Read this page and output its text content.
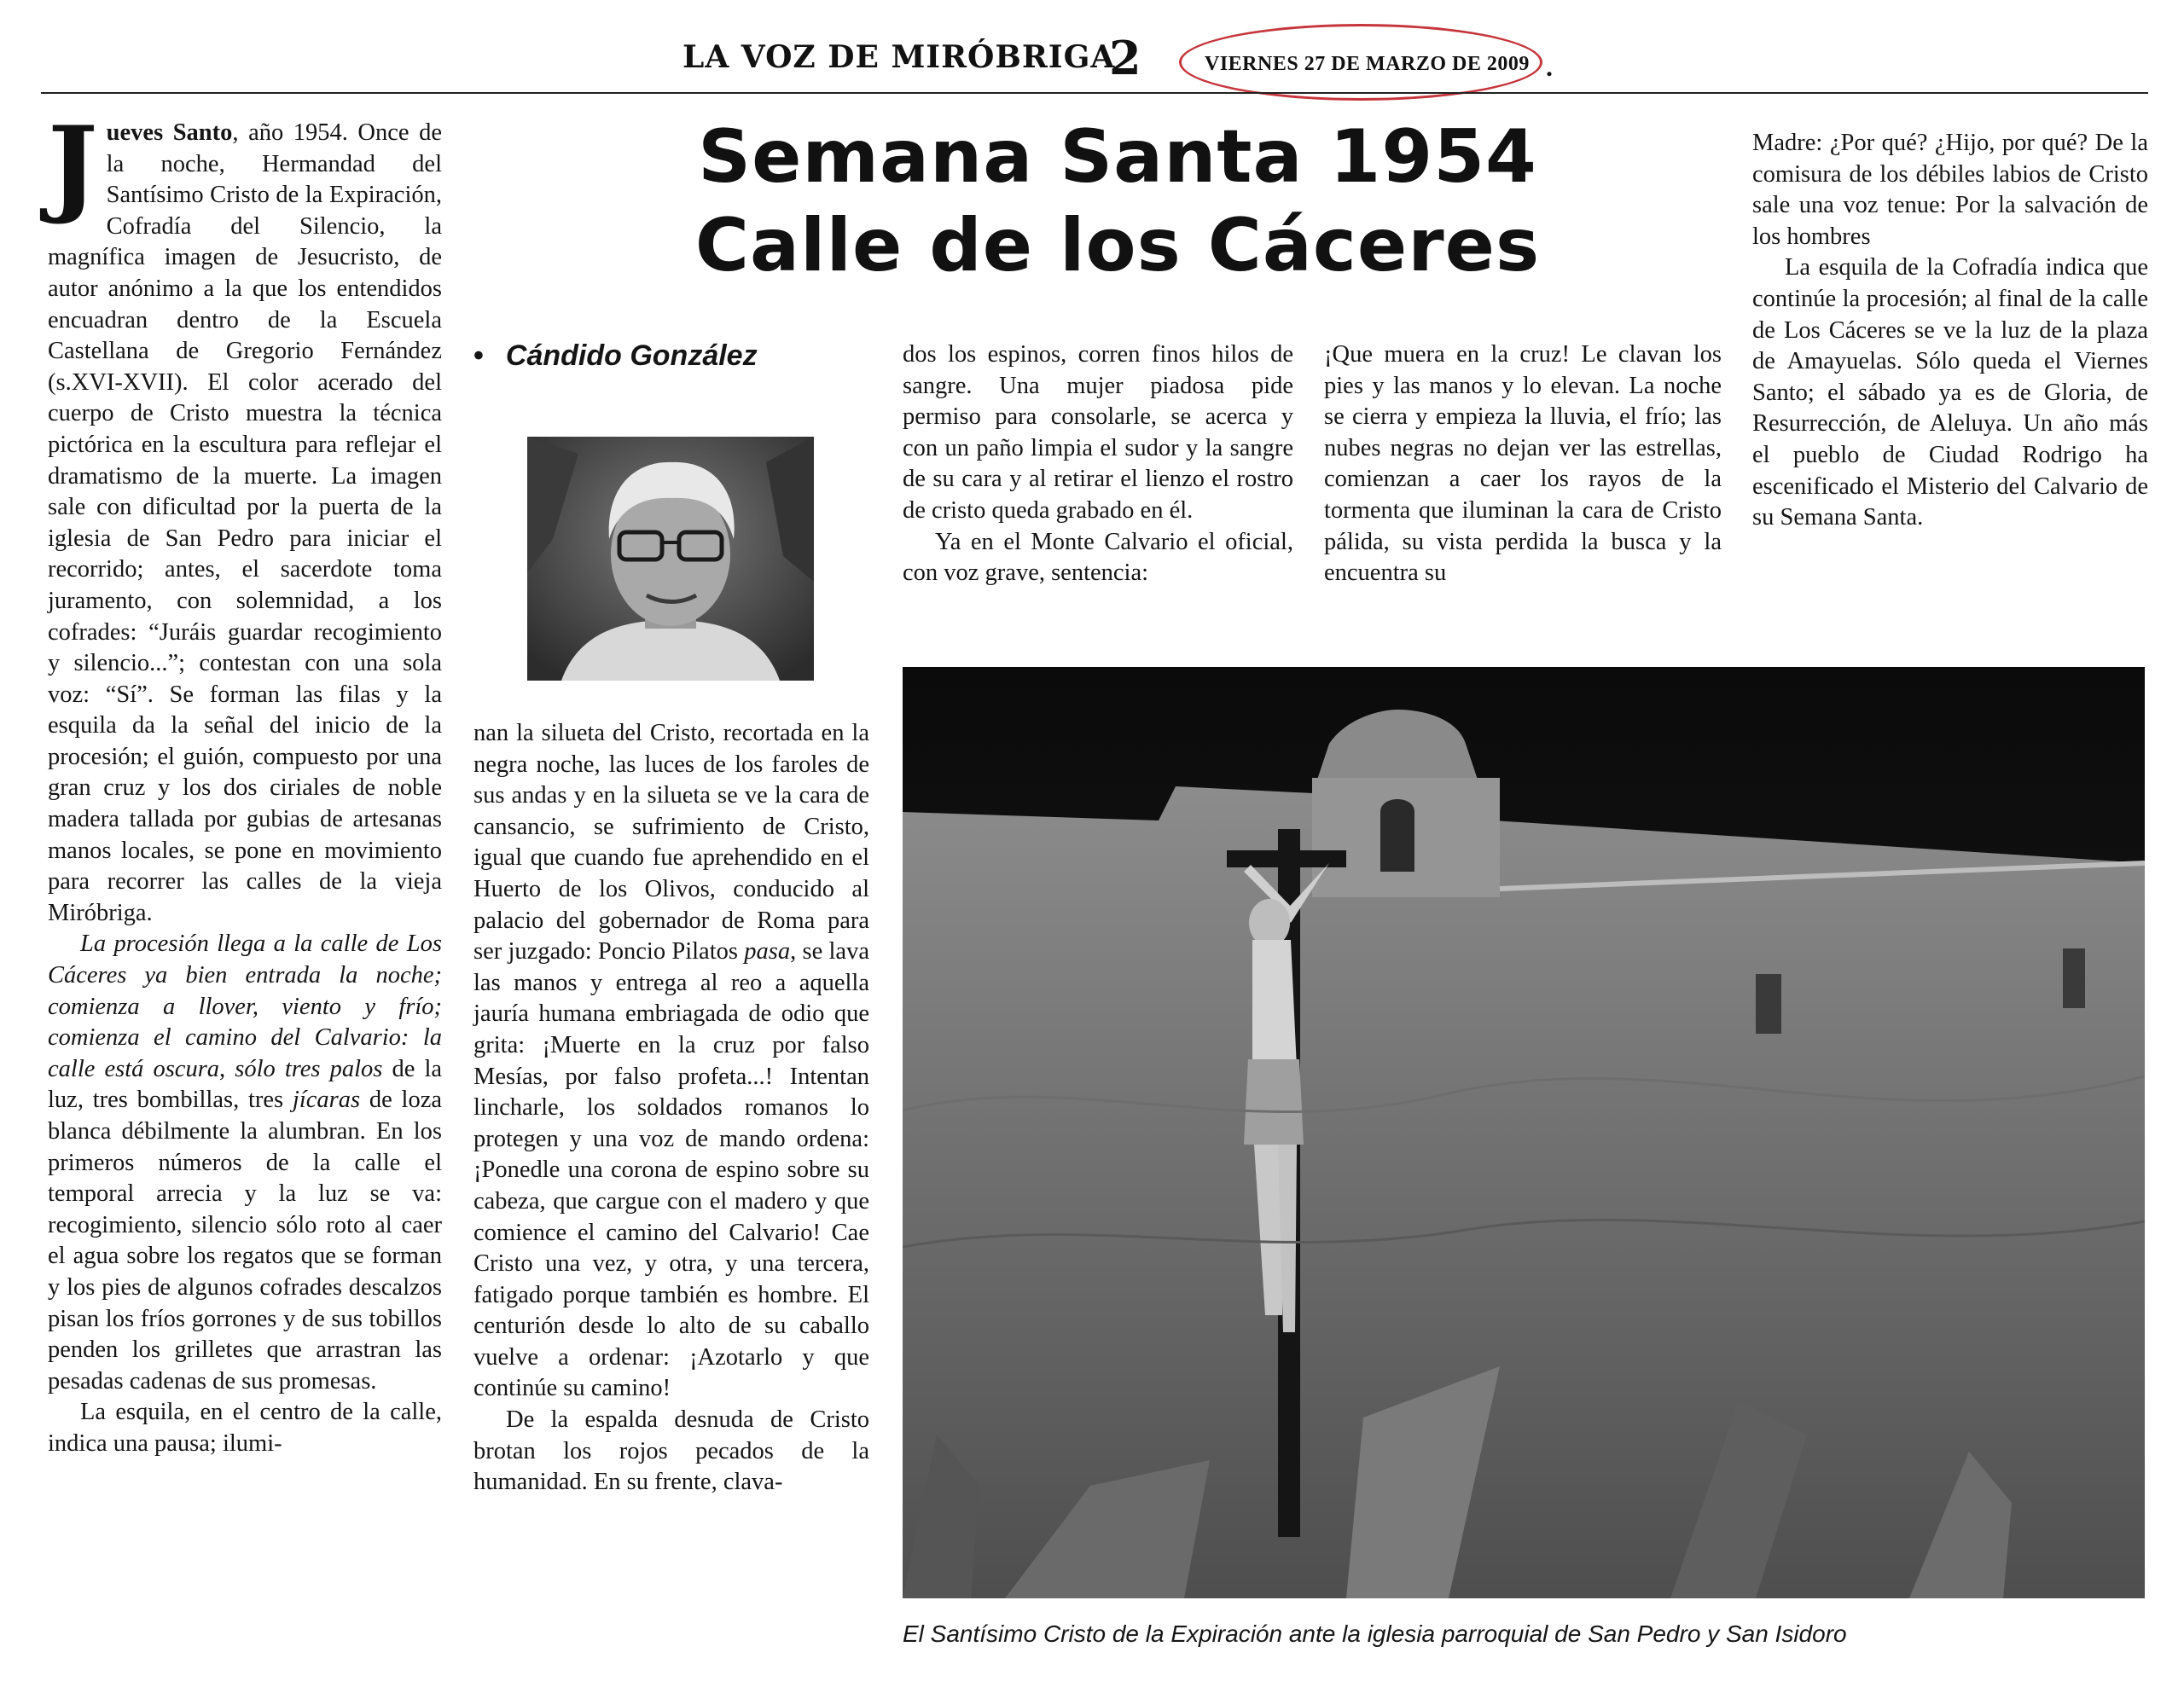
LA VOZ DE MIRÓBRIGA
2	VIERNES 27 DE MARZO DE 2009 .
Semana Santa 1954
Calle de los Cáceres
• Cándido González

Jueves Santo, año 1954. Once de la noche, Hermandad del Santísimo Cristo de la Expiración, Cofradía del Silencio, la magnífica imagen de Jesucristo, de autor anónimo a la que los entendidos encuadran dentro de la Escuela Castellana de Gregorio Fernández (s.XVI-XVII). El color acerado del cuerpo de Cristo muestra la técnica pictórica en la escultura para reflejar el dramatismo de la muerte. La imagen sale con dificultad por la puerta de la iglesia de San Pedro para iniciar el recorrido; antes, el sacerdote toma juramento, con solemnidad, a los cofrades: “Juráis guardar recogimiento y silencio...”; contestan con una sola voz: “Sí”. Se forman las filas y la esquila da la señal del inicio de la procesión; el guión, compuesto por una gran cruz y los dos ciriales de noble madera tallada por gubias de artesanas manos locales, se pone en movimiento para recorrer las calles de la vieja Miróbriga.

La procesión llega a la calle de Los Cáceres ya bien entrada la noche; comienza a llover, viento y frío; comienza el camino del Calvario: la calle está oscura, sólo tres palos de la luz, tres bombillas, tres jícaras de loza blanca débilmente la alumbran. En los primeros números de la calle el temporal arrecia y la luz se va: recogimiento, silencio sólo roto al caer el agua sobre los regatos que se forman y los pies de algunos cofrades descalzos pisan los fríos gorrones y de sus tobillos penden los grilletes que arrastran las pesadas cadenas de sus promesas.

La esquila, en el centro de la calle, indica una pausa; ilumi-

nan la silueta del Cristo, recortada en la negra noche, las luces de los faroles de sus andas y en la silueta se ve la cara de cansancio, se sufrimiento de Cristo, igual que cuando fue aprehendido en el Huerto de los Olivos, conducido al palacio del gobernador de Roma para ser juzgado: Poncio Pilatos pasa, se lava las manos y entrega al reo a aquella jauría humana embriagada de odio que grita: ¡Muerte en la cruz por falso Mesías, por falso profeta...! Intentan lincharle, los soldados romanos lo protegen y una voz de mando ordena: ¡Ponedle una corona de espino sobre su cabeza, que cargue con el madero y que comience el camino del Calvario! Cae Cristo una vez, y otra, y una tercera, fatigado porque también es hombre. El centurión desde lo alto de su caballo vuelve a ordenar: ¡Azotarlo y que continúe su camino!

De la espalda desnuda de Cristo brotan los rojos pecados de la humanidad. En su frente, clava-

dos los espinos, corren finos hilos de sangre. Una mujer piadosa pide permiso para consolarle, se acerca y con un paño limpia el sudor y la sangre de su cara y al retirar el lienzo el rostro de cristo queda grabado en él.

Ya en el Monte Calvario el oficial, con voz grave, sentencia:

¡Que muera en la cruz! Le clavan los pies y las manos y lo elevan. La noche se cierra y empieza la lluvia, el frío; las nubes negras no dejan ver las estrellas, comienzan a caer los rayos de la tormenta que iluminan la cara de Cristo pálida, su vista perdida la busca y la encuentra su

Madre: ¿Por qué? ¿Hijo, por qué? De la comisura de los débiles labios de Cristo sale una voz tenue: Por la salvación de los hombres

La esquila de la Cofradía indica que continúe la procesión; al final de la calle de Los Cáceres se ve la luz de la plaza de Amayuelas. Sólo queda el Viernes Santo; el sábado ya es de Gloria, de Resurrección, de Aleluya. Un año más el pueblo de Ciudad Rodrigo ha escenificado el Misterio del Calvario de su Semana Santa.

El Santísimo Cristo de la Expiración ante la iglesia parroquial de San Pedro y San Isidoro
